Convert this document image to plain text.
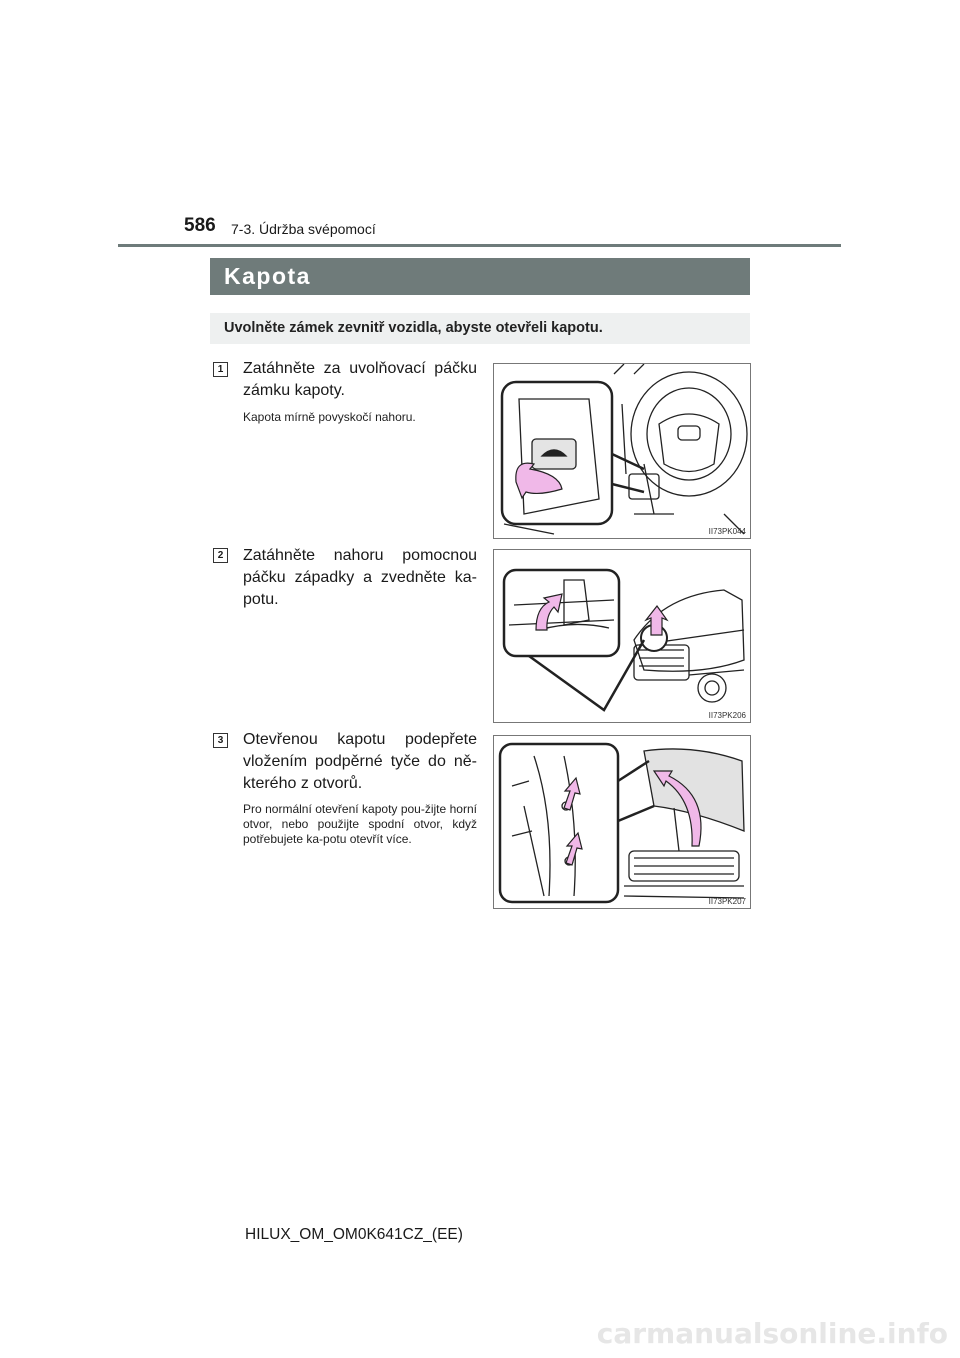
586 7-3. Údržba svépomocí
Kapota
Uvolněte zámek zevnitř vozidla, abyste otevřeli kapotu.
1 Zatáhněte za uvolňovací páčku zámku kapoty.
Kapota mírně povyskočí nahoru.
II73PK044
2 Zatáhněte nahoru pomocnou páčku západky a zvedněte ka-potu.
II73PK206
3 Otevřenou kapotu podepřete vložením podpěrné tyče do ně-kterého z otvorů.
Pro normální otevření kapoty pou-žijte horní otvor, nebo použijte spodní otvor, když potřebujete ka-potu otevřít více.
II73PK207
HILUX_OM_OM0K641CZ_(EE)
carmanualsonline.info
